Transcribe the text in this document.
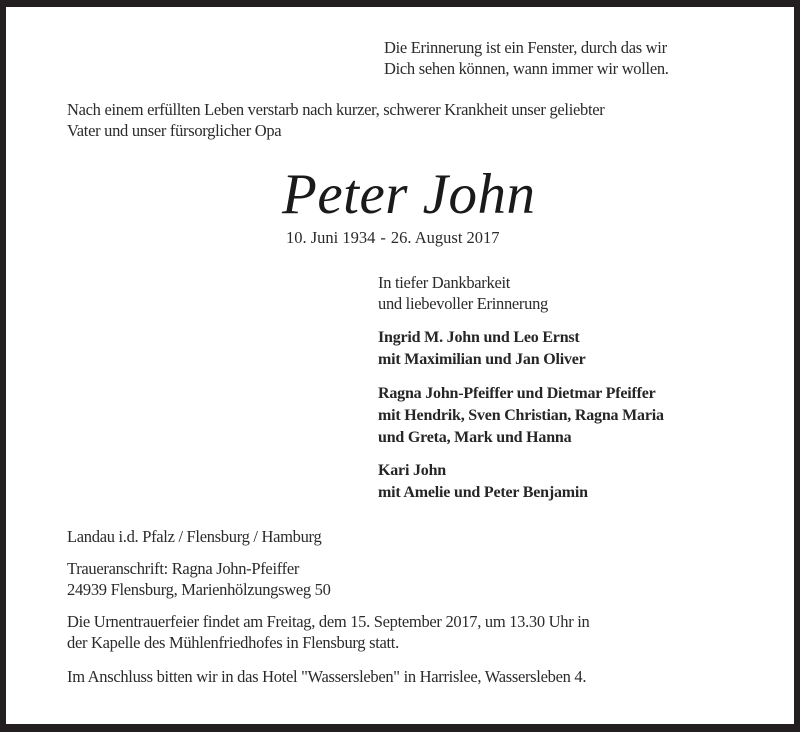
Die Erinnerung ist ein Fenster, durch das wir
Dich sehen können, wann immer wir wollen.
Nach einem erfüllten Leben verstarb nach kurzer, schwerer Krankheit unser geliebter
Vater und unser fürsorglicher Opa
Peter John
10. Juni 1934 - 26. August 2017
In tiefer Dankbarkeit
und liebevoller Erinnerung
Ingrid M. John und Leo Ernst
mit Maximilian und Jan Oliver
Ragna John-Pfeiffer und Dietmar Pfeiffer
mit Hendrik, Sven Christian, Ragna Maria
und Greta, Mark und Hanna
Kari John
mit Amelie und Peter Benjamin
Landau i.d. Pfalz / Flensburg / Hamburg
Traueranschrift: Ragna John-Pfeiffer
24939 Flensburg, Marienhölzungsweg 50
Die Urnentrauerfeier findet am Freitag, dem 15. September 2017, um 13.30 Uhr in
der Kapelle des Mühlenfriedhofes in Flensburg statt.
Im Anschluss bitten wir in das Hotel "Wassersleben" in Harrislee, Wassersleben 4.
